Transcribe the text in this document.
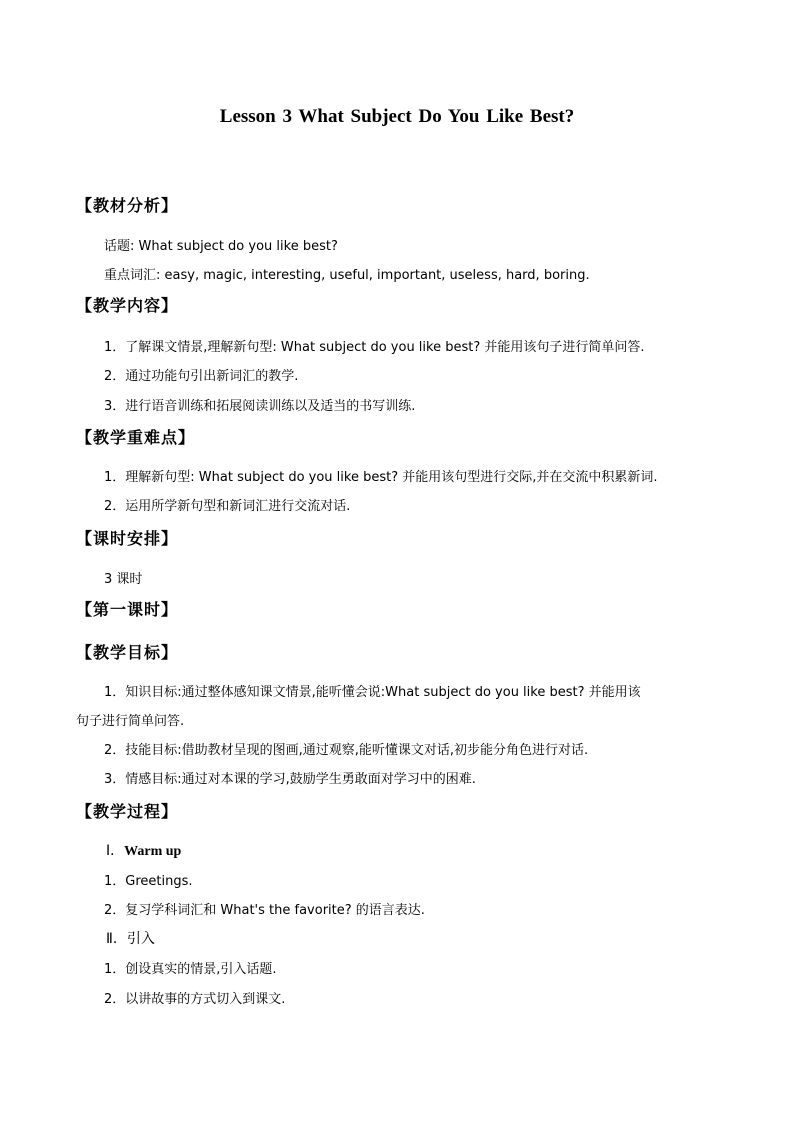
Lesson 3 What Subject Do You Like Best?
【教材分析】
话题: What subject do you like best?
重点词汇: easy, magic, interesting, useful, important, useless, hard, boring.
【教学内容】
1．了解课文情景,理解新句型: What subject do you like best? 并能用该句子进行简单问答.
2．通过功能句引出新词汇的教学.
3．进行语音训练和拓展阅读训练以及适当的书写训练.
【教学重难点】
1．理解新句型: What subject do you like best? 并能用该句型进行交际,并在交流中积累新词.
2．运用所学新句型和新词汇进行交流对话.
【课时安排】
3 课时
【第一课时】
【教学目标】
1．知识目标:通过整体感知课文情景,能听懂会说:What subject do you like best? 并能用该
句子进行简单问答.
2．技能目标:借助教材呈现的图画,通过观察,能听懂课文对话,初步能分角色进行对话.
3．情感目标:通过对本课的学习,鼓励学生勇敢面对学习中的困难.
【教学过程】
Ⅰ．Warm up
1．Greetings.
2．复习学科词汇和 What's the favorite? 的语言表达.
Ⅱ．引入
1．创设真实的情景,引入话题.
2．以讲故事的方式切入到课文.
